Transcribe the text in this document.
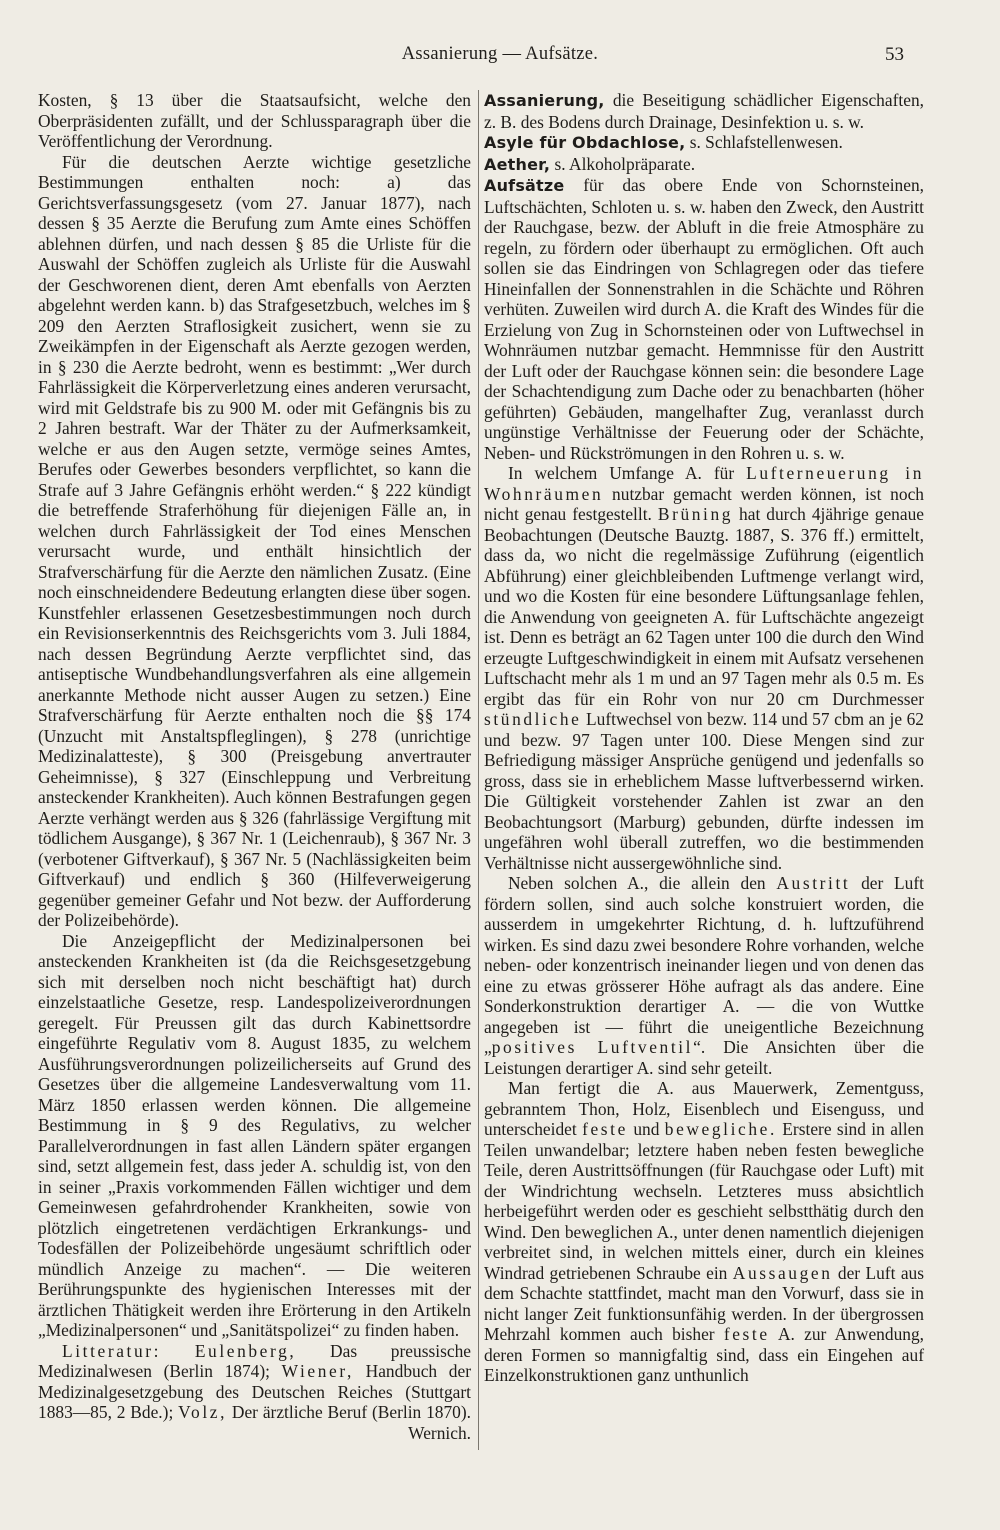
Assanierung — Aufsätze.	53

Kosten, § 13 über die Staatsaufsicht, welche den Oberpräsidenten zufällt, und der Schlussparagraph über die Veröffentlichung der Verordnung.

Für die deutschen Aerzte wichtige gesetzliche Bestimmungen enthalten noch: a) das Gerichtsverfassungsgesetz (vom 27. Januar 1877), nach dessen § 35 Aerzte die Berufung zum Amte eines Schöffen ablehnen dürfen, und nach dessen § 85 die Urliste für die Auswahl der Schöffen zugleich als Urliste für die Auswahl der Geschworenen dient, deren Amt ebenfalls von Aerzten abgelehnt werden kann. b) das Strafgesetzbuch, welches im § 209 den Aerzten Straflosigkeit zusichert, wenn sie zu Zweikämpfen in der Eigenschaft als Aerzte gezogen werden, in § 230 die Aerzte bedroht, wenn es bestimmt: „Wer durch Fahrlässigkeit die Körperverletzung eines anderen verursacht, wird mit Geldstrafe bis zu 900 M. oder mit Gefängnis bis zu 2 Jahren bestraft. War der Thäter zu der Aufmerksamkeit, welche er aus den Augen setzte, vermöge seines Amtes, Berufes oder Gewerbes besonders verpflichtet, so kann die Strafe auf 3 Jahre Gefängnis erhöht werden.“ § 222 kündigt die betreffende Straferhöhung für diejenigen Fälle an, in welchen durch Fahrlässigkeit der Tod eines Menschen verursacht wurde, und enthält hinsichtlich der Strafverschärfung für die Aerzte den nämlichen Zusatz. (Eine noch einschneidendere Bedeutung erlangten diese über sogen. Kunstfehler erlassenen Gesetzesbestimmungen noch durch ein Revisionserkenntnis des Reichsgerichts vom 3. Juli 1884, nach dessen Begründung Aerzte verpflichtet sind, das antiseptische Wundbehandlungsverfahren als eine allgemein anerkannte Methode nicht ausser Augen zu setzen.) Eine Strafverschärfung für Aerzte enthalten noch die §§ 174 (Unzucht mit Anstaltspfleglingen), § 278 (unrichtige Medizinalatteste), § 300 (Preisgebung anvertrauter Geheimnisse), § 327 (Einschleppung und Verbreitung ansteckender Krankheiten). Auch können Bestrafungen gegen Aerzte verhängt werden aus § 326 (fahrlässige Vergiftung mit tödlichem Ausgange), § 367 Nr. 1 (Leichenraub), § 367 Nr. 3 (verbotener Giftverkauf), § 367 Nr. 5 (Nachlässigkeiten beim Giftverkauf) und endlich § 360 (Hilfeverweigerung gegenüber gemeiner Gefahr und Not bezw. der Aufforderung der Polizeibehörde).

Die Anzeigepflicht der Medizinalpersonen bei ansteckenden Krankheiten ist (da die Reichsgesetzgebung sich mit derselben noch nicht beschäftigt hat) durch einzelstaatliche Gesetze, resp. Landespolizeiverordnungen geregelt. Für Preussen gilt das durch Kabinettsordre eingeführte Regulativ vom 8. August 1835, zu welchem Ausführungsverordnungen polizeilicherseits auf Grund des Gesetzes über die allgemeine Landesverwaltung vom 11. März 1850 erlassen werden können. Die allgemeine Bestimmung in § 9 des Regulativs, zu welcher Parallelverordnungen in fast allen Ländern später ergangen sind, setzt allgemein fest, dass jeder A. schuldig ist, von den in seiner „Praxis vorkommenden Fällen wichtiger und dem Gemeinwesen gefahrdrohender Krankheiten, sowie von plötzlich eingetretenen verdächtigen Erkrankungs- und Todesfällen der Polizeibehörde ungesäumt schriftlich oder mündlich Anzeige zu machen“. — Die weiteren Berührungspunkte des hygienischen Interesses mit der ärztlichen Thätigkeit werden ihre Erörterung in den Artikeln „Medizinalpersonen“ und „Sanitätspolizei“ zu finden haben.

Litteratur: Eulenberg, Das preussische Medizinalwesen (Berlin 1874); Wiener, Handbuch der Medizinalgesetzgebung des Deutschen Reiches (Stuttgart 1883—85, 2 Bde.); Volz, Der ärztliche Beruf (Berlin 1870).
Wernich.

Assanierung, die Beseitigung schädlicher Eigenschaften, z. B. des Bodens durch Drainage, Desinfektion u. s. w.

Asyle für Obdachlose, s. Schlafstellenwesen.

Aether, s. Alkoholpräparate.

Aufsätze für das obere Ende von Schornsteinen, Luftschächten, Schloten u. s. w. haben den Zweck, den Austritt der Rauchgase, bezw. der Abluft in die freie Atmosphäre zu regeln, zu fördern oder überhaupt zu ermöglichen. Oft auch sollen sie das Eindringen von Schlagregen oder das tiefere Hineinfallen der Sonnenstrahlen in die Schächte und Röhren verhüten. Zuweilen wird durch A. die Kraft des Windes für die Erzielung von Zug in Schornsteinen oder von Luftwechsel in Wohnräumen nutzbar gemacht. Hemmnisse für den Austritt der Luft oder der Rauchgase können sein: die besondere Lage der Schachtendigung zum Dache oder zu benachbarten (höher geführten) Gebäuden, mangelhafter Zug, veranlasst durch ungünstige Verhältnisse der Feuerung oder der Schächte, Neben- und Rückströmungen in den Rohren u. s. w.

In welchem Umfange A. für Lufterneuerung in Wohnräumen nutzbar gemacht werden können, ist noch nicht genau festgestellt. Brüning hat durch 4jährige genaue Beobachtungen (Deutsche Bauztg. 1887, S. 376 ff.) ermittelt, dass da, wo nicht die regelmässige Zuführung (eigentlich Abführung) einer gleichbleibenden Luftmenge verlangt wird, und wo die Kosten für eine besondere Lüftungsanlage fehlen, die Anwendung von geeigneten A. für Luftschächte angezeigt ist. Denn es beträgt an 62 Tagen unter 100 die durch den Wind erzeugte Luftgeschwindigkeit in einem mit Aufsatz versehenen Luftschacht mehr als 1 m und an 97 Tagen mehr als 0.5 m. Es ergibt das für ein Rohr von nur 20 cm Durchmesser stündliche Luftwechsel von bezw. 114 und 57 cbm an je 62 und bezw. 97 Tagen unter 100. Diese Mengen sind zur Befriedigung mässiger Ansprüche genügend und jedenfalls so gross, dass sie in erheblichem Masse luftverbessernd wirken. Die Gültigkeit vorstehender Zahlen ist zwar an den Beobachtungsort (Marburg) gebunden, dürfte indessen im ungefähren wohl überall zutreffen, wo die bestimmenden Verhältnisse nicht aussergewöhnliche sind.

Neben solchen A., die allein den Austritt der Luft fördern sollen, sind auch solche konstruiert worden, die ausserdem in umgekehrter Richtung, d. h. luftzuführend wirken. Es sind dazu zwei besondere Rohre vorhanden, welche neben- oder konzentrisch ineinander liegen und von denen das eine zu etwas grösserer Höhe aufragt als das andere. Eine Sonderkonstruktion derartiger A. — die von Wuttke angegeben ist — führt die uneigentliche Bezeichnung „positives Luftventil“. Die Ansichten über die Leistungen derartiger A. sind sehr geteilt.

Man fertigt die A. aus Mauerwerk, Zementguss, gebranntem Thon, Holz, Eisenblech und Eisenguss, und unterscheidet feste und bewegliche. Erstere sind in allen Teilen unwandelbar; letztere haben neben festen bewegliche Teile, deren Austrittsöffnungen (für Rauchgase oder Luft) mit der Windrichtung wechseln. Letzteres muss absichtlich herbeigeführt werden oder es geschieht selbstthätig durch den Wind. Den beweglichen A., unter denen namentlich diejenigen verbreitet sind, in welchen mittels einer, durch ein kleines Windrad getriebenen Schraube ein Aussaugen der Luft aus dem Schachte stattfindet, macht man den Vorwurf, dass sie in nicht langer Zeit funktionsunfähig werden. In der übergrossen Mehrzahl kommen auch bisher feste A. zur Anwendung, deren Formen so mannigfaltig sind, dass ein Eingehen auf Einzelkonstruktionen ganz unthunlich
